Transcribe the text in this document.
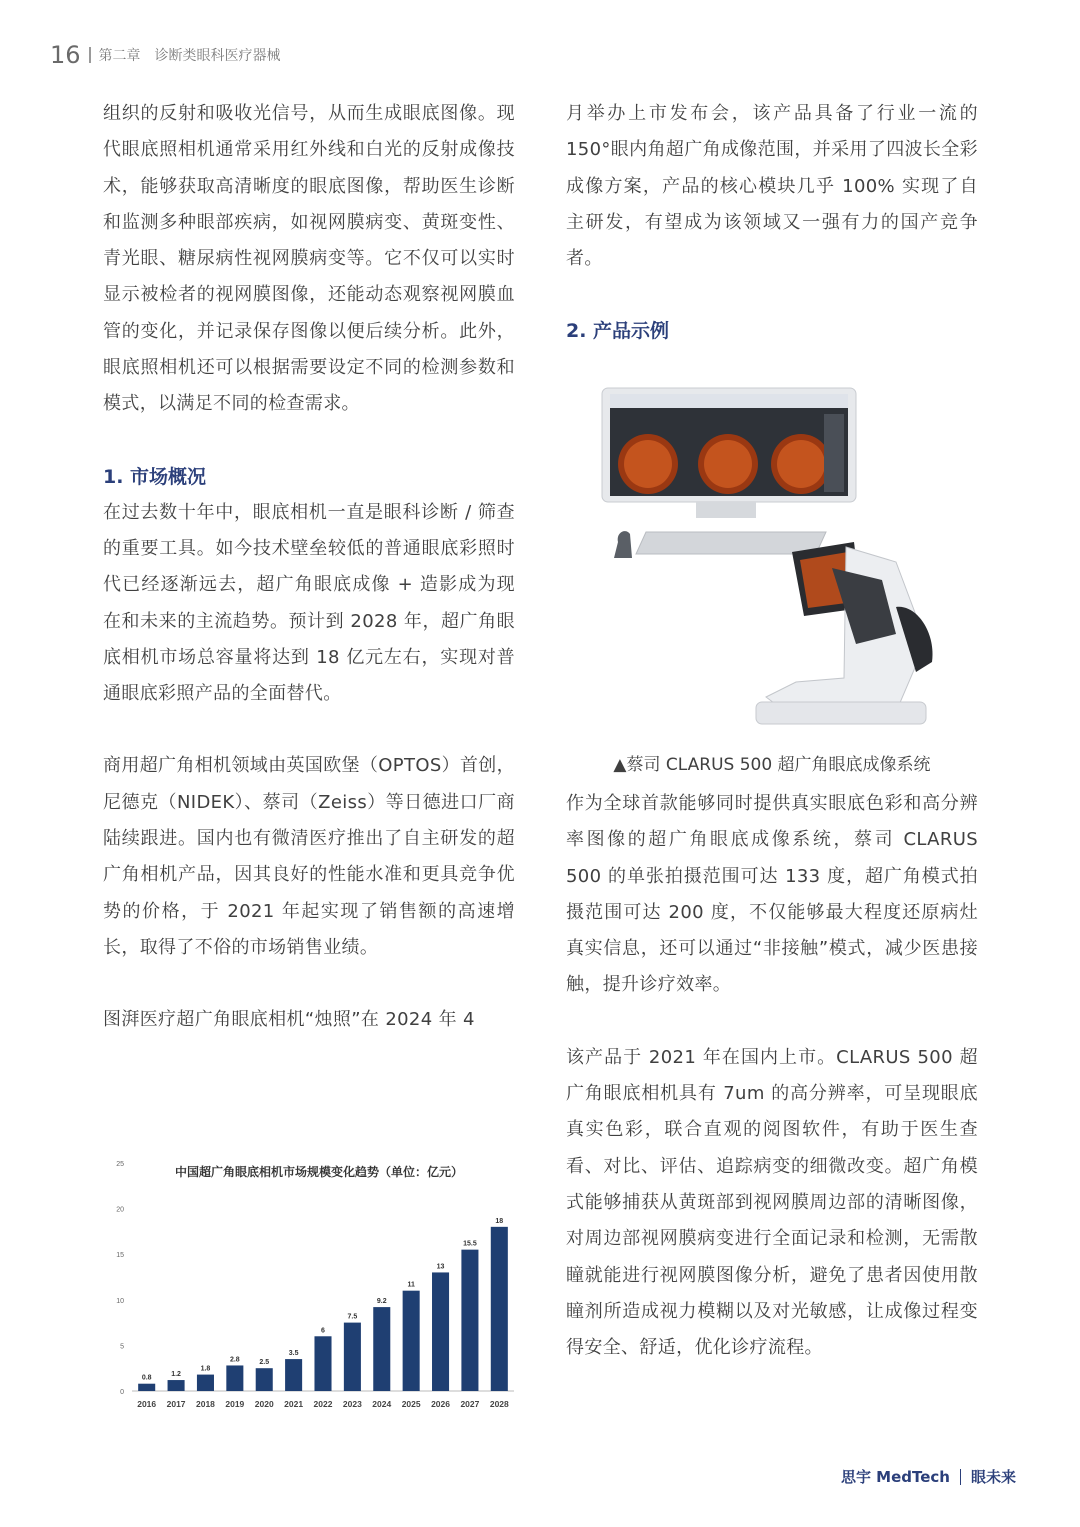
16 第二章 诊断类眼科医疗器械

组织的反射和吸收光信号，从而生成眼底图像。现代眼底照相机通常采用红外线和白光的反射成像技术，能够获取高清晰度的眼底图像，帮助医生诊断和监测多种眼部疾病，如视网膜病变、黄斑变性、青光眼、糖尿病性视网膜病变等。它不仅可以实时显示被检者的视网膜图像，还能动态观察视网膜血管的变化，并记录保存图像以便后续分析。此外，眼底照相机还可以根据需要设定不同的检测参数和模式，以满足不同的检查需求。

1. 市场概况

在过去数十年中，眼底相机一直是眼科诊断 / 筛查的重要工具。如今技术壁垒较低的普通眼底彩照时代已经逐渐远去，超广角眼底成像 + 造影成为现在和未来的主流趋势。预计到 2028 年，超广角眼底相机市场总容量将达到 18 亿元左右，实现对普通眼底彩照产品的全面替代。

商用超广角相机领域由英国欧堡（OPTOS）首创，尼德克（NIDEK）、蔡司（Zeiss）等日德进口厂商陆续跟进。国内也有微清医疗推出了自主研发的超广角相机产品，因其良好的性能水准和更具竞争优势的价格，于 2021 年起实现了销售额的高速增长，取得了不俗的市场销售业绩。

图湃医疗超广角眼底相机“烛照”在 2024 年 4

月举办上市发布会，该产品具备了行业一流的 150°眼内角超广角成像范围，并采用了四波长全彩成像方案，产品的核心模块几乎 100% 实现了自主研发，有望成为该领域又一强有力的国产竞争者。

2. 产品示例
▲蔡司 CLARUS 500 超广角眼底成像系统

作为全球首款能够同时提供真实眼底色彩和高分辨率图像的超广角眼底成像系统，蔡司 CLARUS 500 的单张拍摄范围可达 133 度，超广角模式拍摄范围可达 200 度，不仅能够最大程度还原病灶真实信息，还可以通过“非接触”模式，减少医患接触，提升诊疗效率。

该产品于 2021 年在国内上市。CLARUS 500 超广角眼底相机具有 7um 的高分辨率，可呈现眼底真实色彩，联合直观的阅图软件，有助于医生查看、对比、评估、追踪病变的细微改变。超广角模式能够捕获从黄斑部到视网膜周边部的清晰图像，对周边部视网膜病变进行全面记录和检测，无需散瞳就能进行视网膜图像分析，避免了患者因使用散瞳剂所造成视力模糊以及对光敏感，让成像过程变得安全、舒适，优化诊疗流程。

中国超广角眼底相机市场规模变化趋势（单位：亿元）
0
5
10
15
20
25
0.8
2016
1.2
2017
1.8
2018
2.8
2019
2.5
2020
3.5
2021
6
2022
7.5
2023
9.2
2024
11
2025
13
2026
15.5
2027
18
2028
思宇 MedTech 眼未来
